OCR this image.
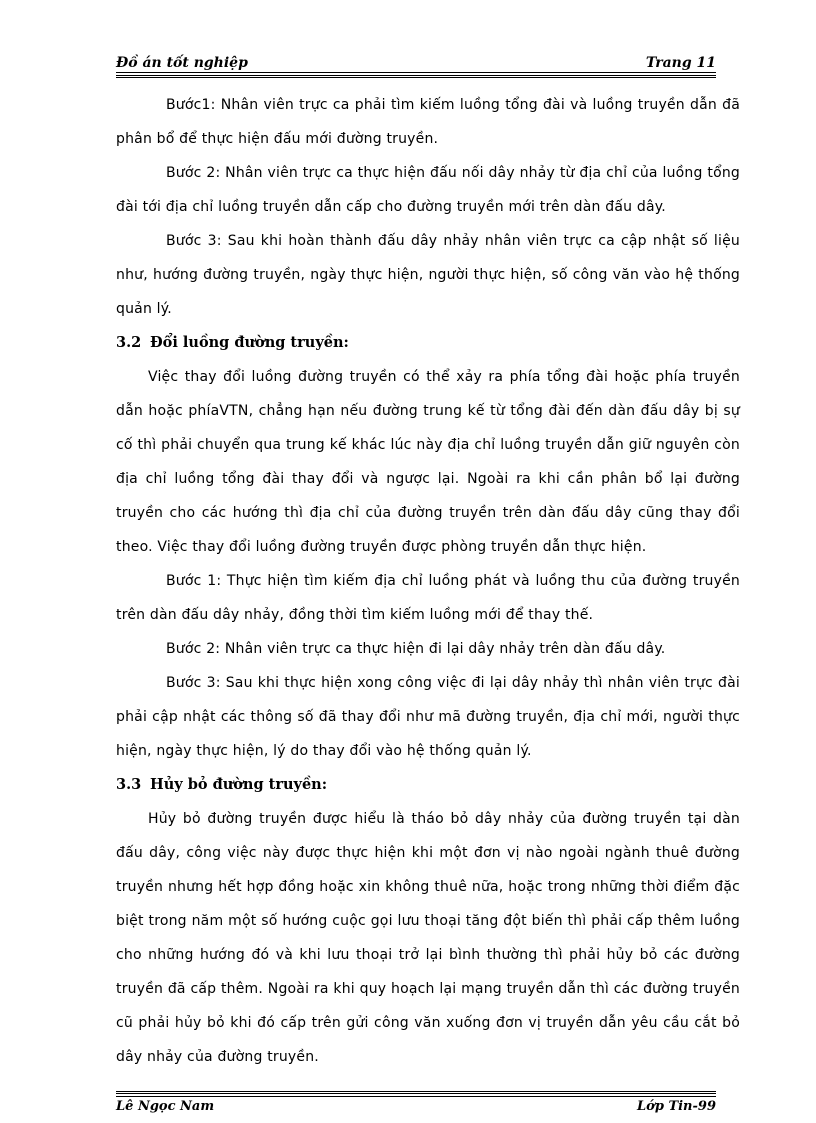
Đồ án tốt nghiệp	Trang 11

Bước1: Nhân viên trực ca phải tìm kiếm luồng tổng đài và luồng truyền dẫn đã phân bổ để thực hiện đấu mới đường truyền.

Bước 2: Nhân viên trực ca thực hiện đấu nối dây nhảy từ địa chỉ của luồng tổng đài tới địa chỉ luồng truyền dẫn cấp cho đường truyền mới trên dàn đấu dây.

Bước 3: Sau khi hoàn thành đấu dây nhảy nhân viên trực ca cập nhật số liệu như, hướng đường truyền, ngày thực hiện, người thực hiện, số công văn vào hệ thống quản lý.

3.2 Đổi luồng đường truyền:

Việc thay đổi luồng đường truyền có thể xảy ra phía tổng đài hoặc phía truyền dẫn hoặc phíaVTN, chẳng hạn nếu đường trung kế từ tổng đài đến dàn đấu dây bị sự cố thì phải chuyển qua trung kế khác lúc này địa chỉ luồng truyền dẫn giữ nguyên còn địa chỉ luồng tổng đài thay đổi và ngược lại. Ngoài ra khi cần phân bổ lại đường truyền cho các hướng thì địa chỉ của đường truyền trên dàn đấu dây cũng thay đổi theo. Việc thay đổi luồng đường truyền được phòng truyền dẫn thực hiện.

Bước 1: Thực hiện tìm kiếm địa chỉ luồng phát và luồng thu của đường truyền trên dàn đấu dây nhảy, đồng thời tìm kiếm luồng mới để thay thế.

Bước 2: Nhân viên trực ca thực hiện đi lại dây nhảy trên dàn đấu dây.

Bước 3: Sau khi thực hiện xong công việc đi lại dây nhảy thì nhân viên trực đài phải cập nhật các thông số đã thay đổi như mã đường truyền, địa chỉ mới, người thực hiện, ngày thực hiện, lý do thay đổi vào hệ thống quản lý.

3.3 Hủy bỏ đường truyền:

Hủy bỏ đường truyền được hiểu là tháo bỏ dây nhảy của đường truyền tại dàn đấu dây, công việc này được thực hiện khi một đơn vị nào ngoài ngành thuê đường truyền nhưng hết hợp đồng hoặc xin không thuê nữa, hoặc trong những thời điểm đặc biệt trong năm một số hướng cuộc gọi lưu thoại tăng đột biến thì phải cấp thêm luồng cho những hướng đó và khi lưu thoại trở lại bình thường thì phải hủy bỏ các đường truyền đã cấp thêm. Ngoài ra khi quy hoạch lại mạng truyền dẫn thì các đường truyền cũ phải hủy bỏ khi đó cấp trên gửi công văn xuống đơn vị truyền dẫn yêu cầu cắt bỏ dây nhảy của đường truyền.

Lê Ngọc Nam	Lớp Tin-99
